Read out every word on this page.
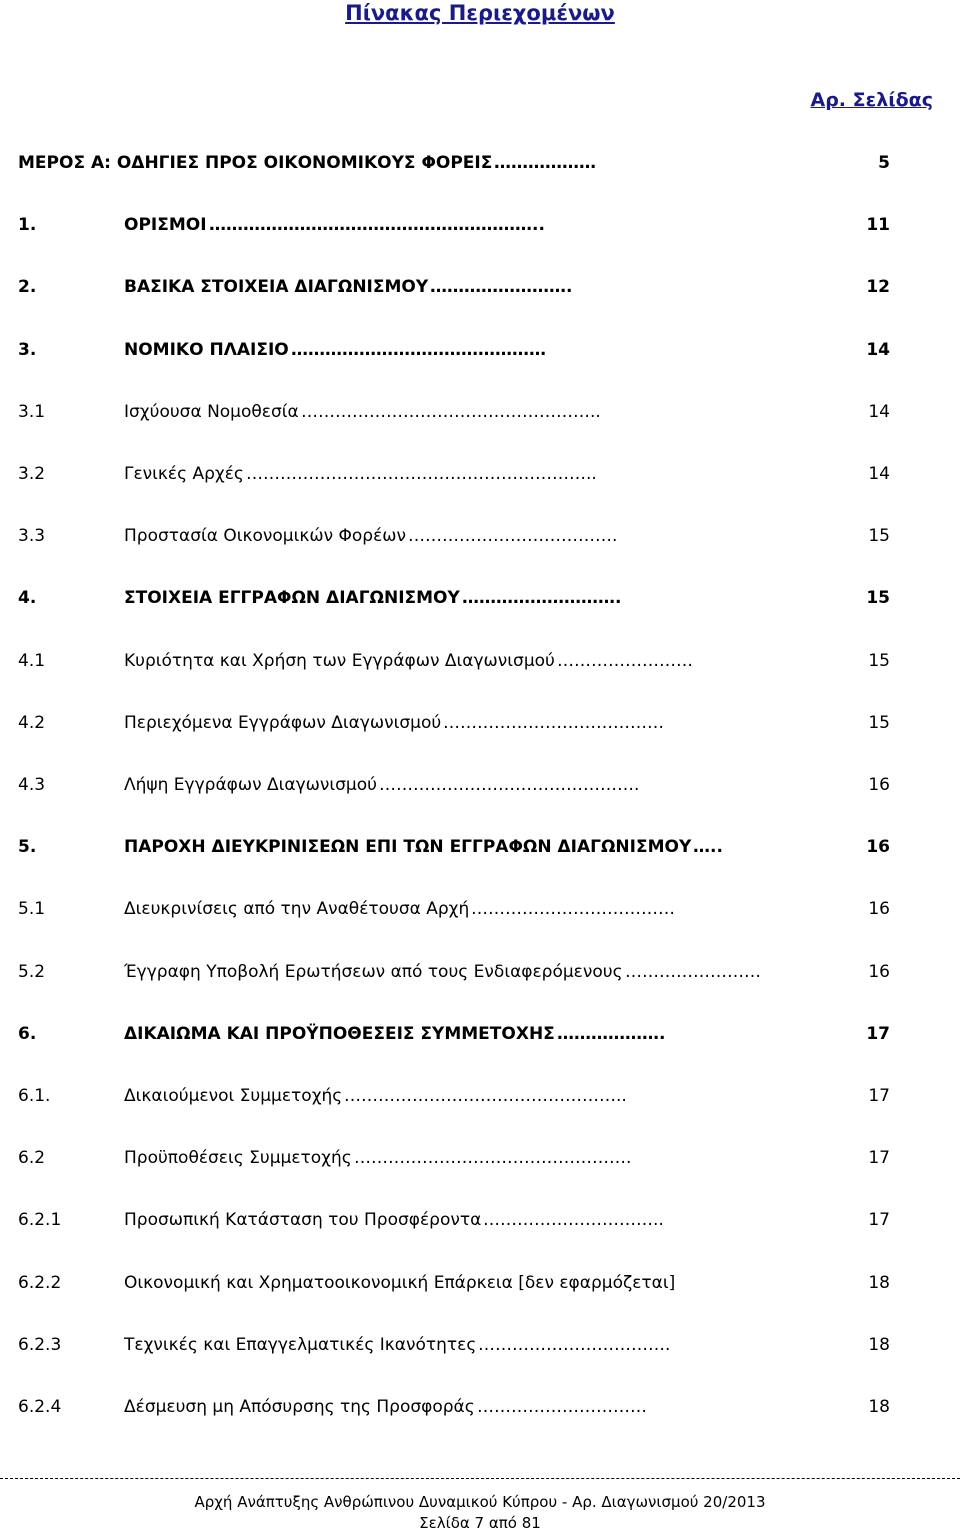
Πίνακας Περιεχομένων
Αρ. Σελίδας
ΜΕΡΟΣ Α: ΟΔΗΓΙΕΣ ΠΡΟΣ ΟΙΚΟΝΟΜΙΚΟΥΣ ΦΟΡΕΙΣ ………………	5
1.	ΟΡΙΣΜΟΙ …………………………………………………..	11
2.	ΒΑΣΙΚΑ ΣΤΟΙΧΕΙΑ ΔΙΑΓΩΝΙΣΜΟΥ …………………….	12
3.	ΝΟΜΙΚΟ ΠΛΑΙΣΙΟ ………………………………………	14
3.1	Ισχύουσα Νομοθεσία ……………………………………………..	14
3.2	Γενικές Αρχές ……………………………………………………..	14
3.3	Προστασία Οικονομικών Φορέων ……………………………….	15
4.	ΣΤΟΙΧΕΙΑ ΕΓΓΡΑΦΩΝ ΔΙΑΓΩΝΙΣΜΟΥ ……………………….	15
4.1	Κυριότητα και Χρήση των Εγγράφων Διαγωνισμού ……………………	15
4.2	Περιεχόμενα Εγγράφων Διαγωνισμού …………………………………	15
4.3	Λήψη Εγγράφων Διαγωνισμού ……………………………………….	16
5.	ΠΑΡΟΧΗ ΔΙΕΥΚΡΙΝΙΣΕΩΝ ΕΠΙ ΤΩΝ ΕΓΓΡΑΦΩΝ ΔΙΑΓΩΝΙΣΜΟΥ …..	16
5.1	Διευκρινίσεις από την Αναθέτουσα Αρχή ………………………………	16
5.2	Έγγραφη Υποβολή Ερωτήσεων από τους Ενδιαφερόμενους ……………………	16
6.	ΔΙΚΑΙΩΜΑ ΚΑΙ ΠΡΟΫΠΟΘΕΣΕΙΣ ΣΥΜΜΕΤΟΧΗΣ ……………….	17
6.1.	Δικαιούμενοι Συμμετοχής …………………………………………..	17
6.2	Προϋποθέσεις Συμμετοχής ………………………………………….	17
6.2.1	Προσωπική Κατάσταση του Προσφέροντα …………………………..	17
6.2.2	Οικονομική και Χρηματοοικονομική Επάρκεια [δεν εφαρμόζεται]	18
6.2.3	Τεχνικές και Επαγγελματικές Ικανότητες …………………………….	18
6.2.4	Δέσμευση μη Απόσυρσης της Προσφοράς …………………………	18
Αρχή Ανάπτυξης Ανθρώπινου Δυναμικού Κύπρου - Αρ. Διαγωνισμού 20/2013
Σελίδα 7 από 81
